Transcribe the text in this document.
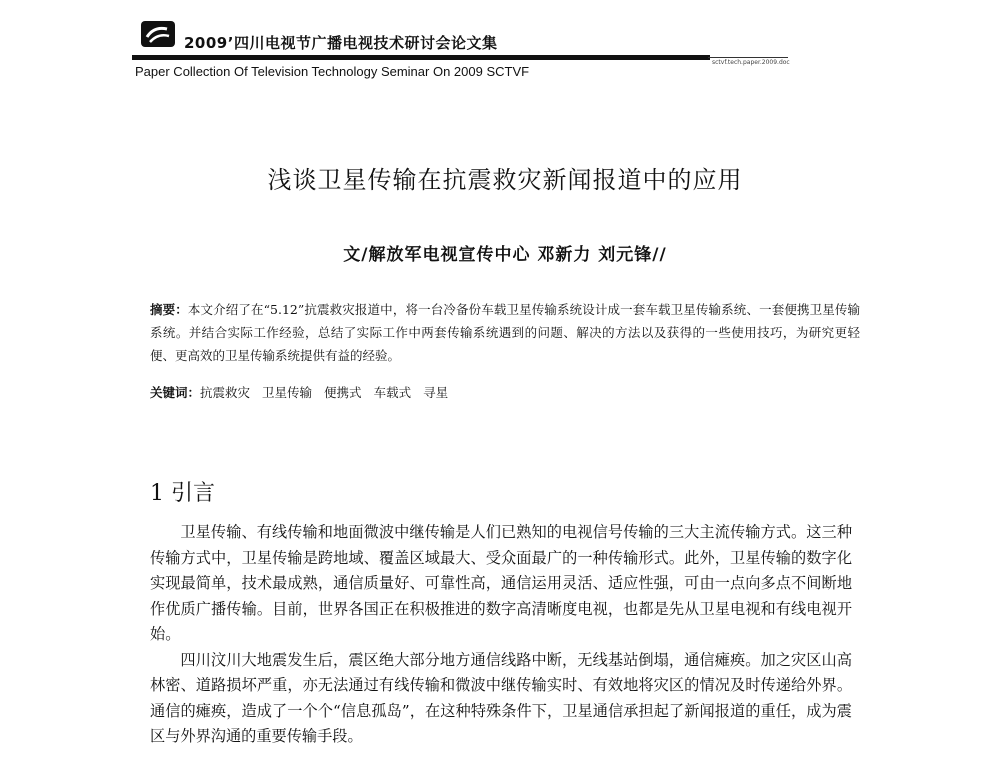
2009’四川电视节广播电视技术研讨会论文集
sctvf.tech.paper.2009.doc
Paper Collection Of Television Technology Seminar On 2009 SCTVF
浅谈卫星传输在抗震救灾新闻报道中的应用
文/解放军电视宣传中心 邓新力 刘元锋//
摘要：本文介绍了在“5.12”抗震救灾报道中，将一台冷备份车载卫星传输系统设计成一套车载卫星传输系统、一套便携卫星传输系统。并结合实际工作经验，总结了实际工作中两套传输系统遇到的问题、解决的方法以及获得的一些使用技巧，为研究更轻便、更高效的卫星传输系统提供有益的经验。
关键词：抗震救灾 卫星传输 便携式 车载式 寻星
1 引言

卫星传输、有线传输和地面微波中继传输是人们已熟知的电视信号传输的三大主流传输方式。这三种传输方式中，卫星传输是跨地域、覆盖区域最大、受众面最广的一种传输形式。此外，卫星传输的数字化实现最简单，技术最成熟，通信质量好、可靠性高，通信运用灵活、适应性强，可由一点向多点不间断地作优质广播传输。目前，世界各国正在积极推进的数字高清晰度电视，也都是先从卫星电视和有线电视开始。

四川汶川大地震发生后，震区绝大部分地方通信线路中断，无线基站倒塌，通信瘫痪。加之灾区山高林密、道路损坏严重，亦无法通过有线传输和微波中继传输实时、有效地将灾区的情况及时传递给外界。通信的瘫痪，造成了一个个“信息孤岛”，在这种特殊条件下，卫星通信承担起了新闻报道的重任，成为震区与外界沟通的重要传输手段。
